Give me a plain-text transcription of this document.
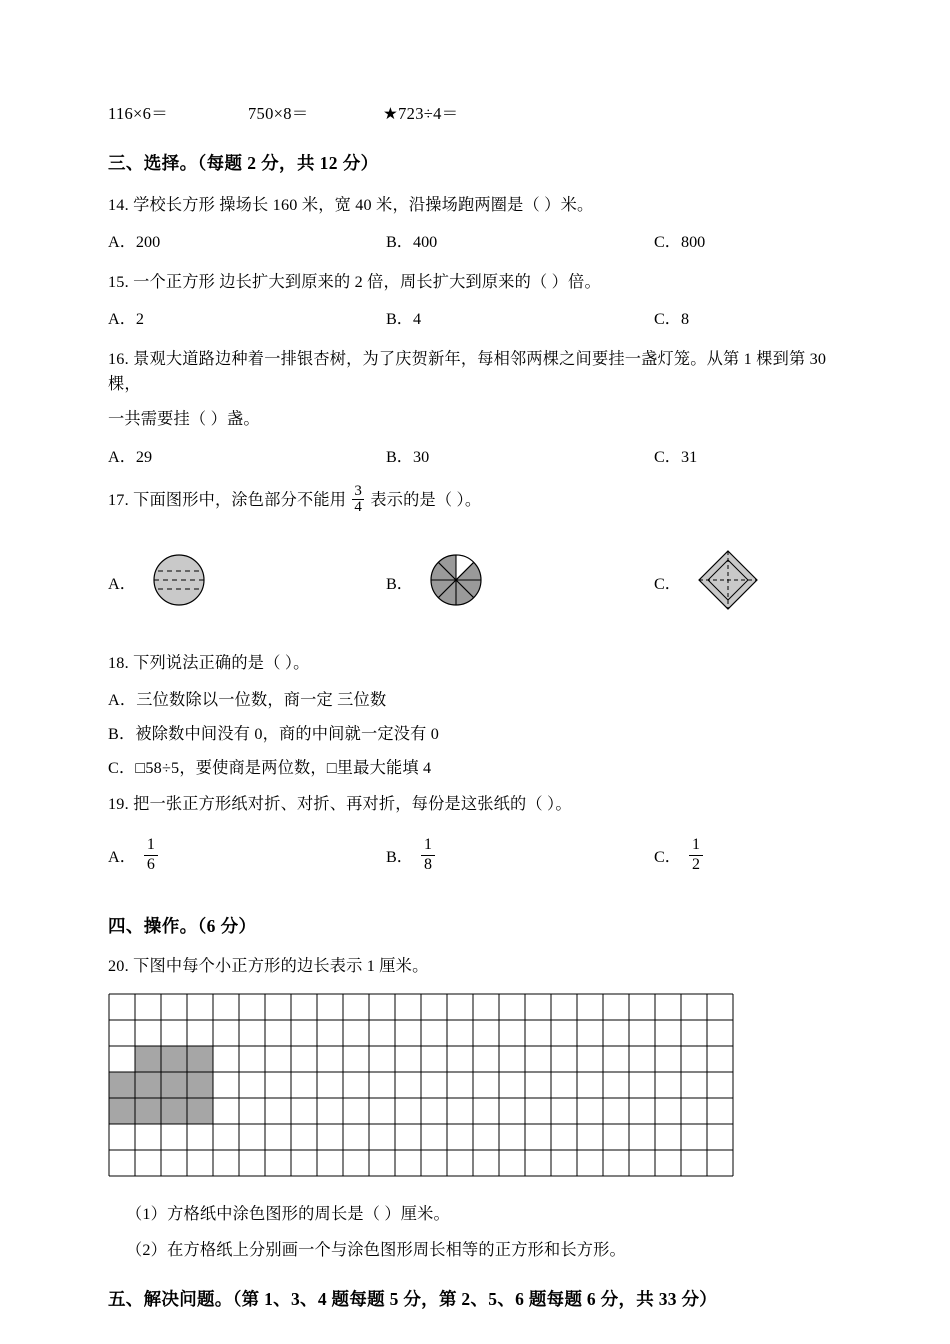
116×6＝	750×8＝	★723÷4＝
三、选择。（每题 2 分，共 12 分）
14. 学校长方形 操场长 160 米，宽 40 米，沿操场跑两圈是（ ）米。
A．200	B．400	C．800
15. 一个正方形 边长扩大到原来的 2 倍，周长扩大到原来的（ ）倍。
A．2	B．4	C．8
16. 景观大道路边种着一排银杏树，为了庆贺新年，每相邻两棵之间要挂一盏灯笼。从第 1 棵到第 30 棵，
一共需要挂（ ）盏。
A．29	B．30	C．31
17. 下面图形中，涂色部分不能用 $\frac{3}{4}$ 表示的是（ ）。
A．	B．	C．
18. 下列说法正确的是（ ）。
A．三位数除以一位数，商一定 三位数
B．被除数中间没有 0，商的中间就一定没有 0
C．□58÷5，要使商是两位数，□里最大能填 4
19. 把一张正方形纸对折、对折、再对折，每份是这张纸的（ ）。
A． $\frac{1}{6}$	B． $\frac{1}{8}$	C． $\frac{1}{2}$
四、操作。（6 分）
20. 下图中每个小正方形的边长表示 1 厘米。
（1）方格纸中涂色图形的周长是（ ）厘米。
（2）在方格纸上分别画一个与涂色图形周长相等的正方形和长方形。
五、解决问题。（第 1、3、4 题每题 5 分，第 2、5、6 题每题 6 分，共 33 分）
